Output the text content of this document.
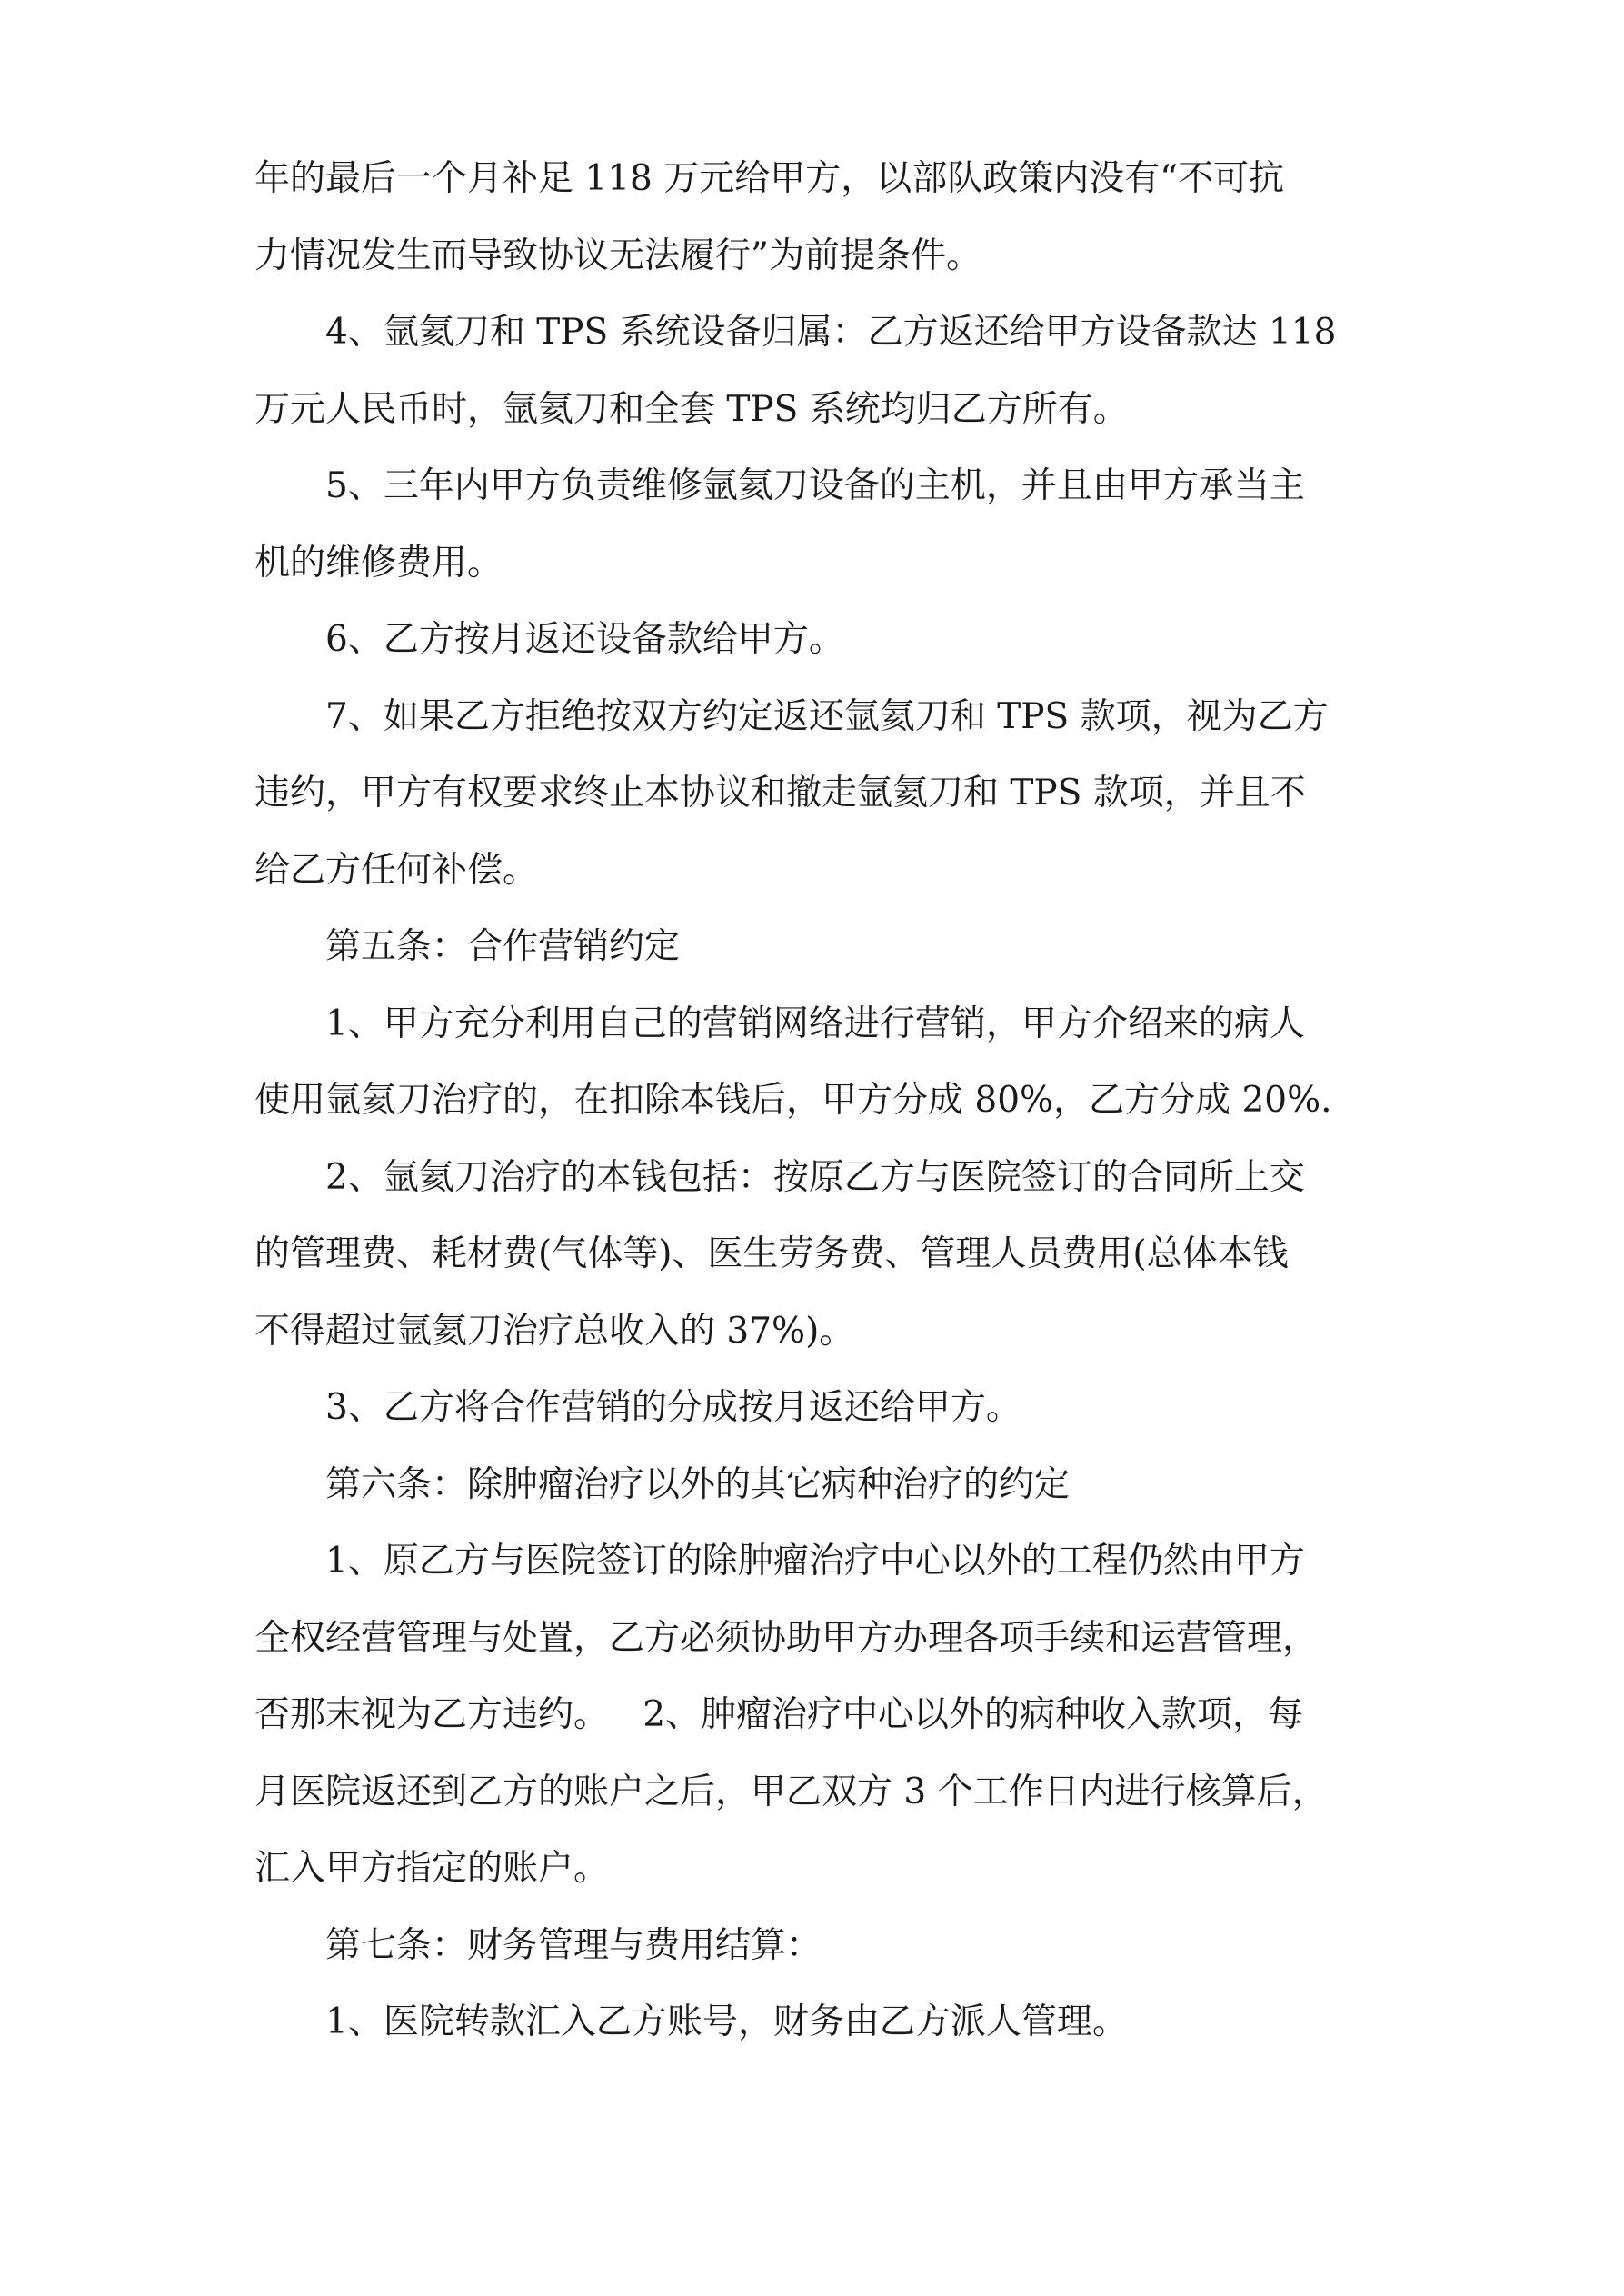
年的最后一个月补足 118 万元给甲方，以部队政策内没有“不可抗
力情况发生而导致协议无法履行”为前提条件。
4、氩氦刀和 TPS 系统设备归属：乙方返还给甲方设备款达 118
万元人民币时，氩氦刀和全套 TPS 系统均归乙方所有。
5、三年内甲方负责维修氩氦刀设备的主机，并且由甲方承当主
机的维修费用。
6、乙方按月返还设备款给甲方。
7、如果乙方拒绝按双方约定返还氩氦刀和 TPS 款项，视为乙方
违约，甲方有权要求终止本协议和撤走氩氦刀和 TPS 款项，并且不
给乙方任何补偿。
第五条：合作营销约定
1、甲方充分利用自己的营销网络进行营销，甲方介绍来的病人
使用氩氦刀治疗的，在扣除本钱后，甲方分成 80%，乙方分成 20%.
2、氩氦刀治疗的本钱包括：按原乙方与医院签订的合同所上交
的管理费、耗材费(气体等)、医生劳务费、管理人员费用(总体本钱
不得超过氩氦刀治疗总收入的 37%)。
3、乙方将合作营销的分成按月返还给甲方。
第六条：除肿瘤治疗以外的其它病种治疗的约定
1、原乙方与医院签订的除肿瘤治疗中心以外的工程仍然由甲方
全权经营管理与处置，乙方必须协助甲方办理各项手续和运营管理，
否那末视为乙方违约。   2、肿瘤治疗中心以外的病种收入款项，每
月医院返还到乙方的账户之后，甲乙双方 3 个工作日内进行核算后，
汇入甲方指定的账户。
第七条：财务管理与费用结算：
1、医院转款汇入乙方账号，财务由乙方派人管理。
